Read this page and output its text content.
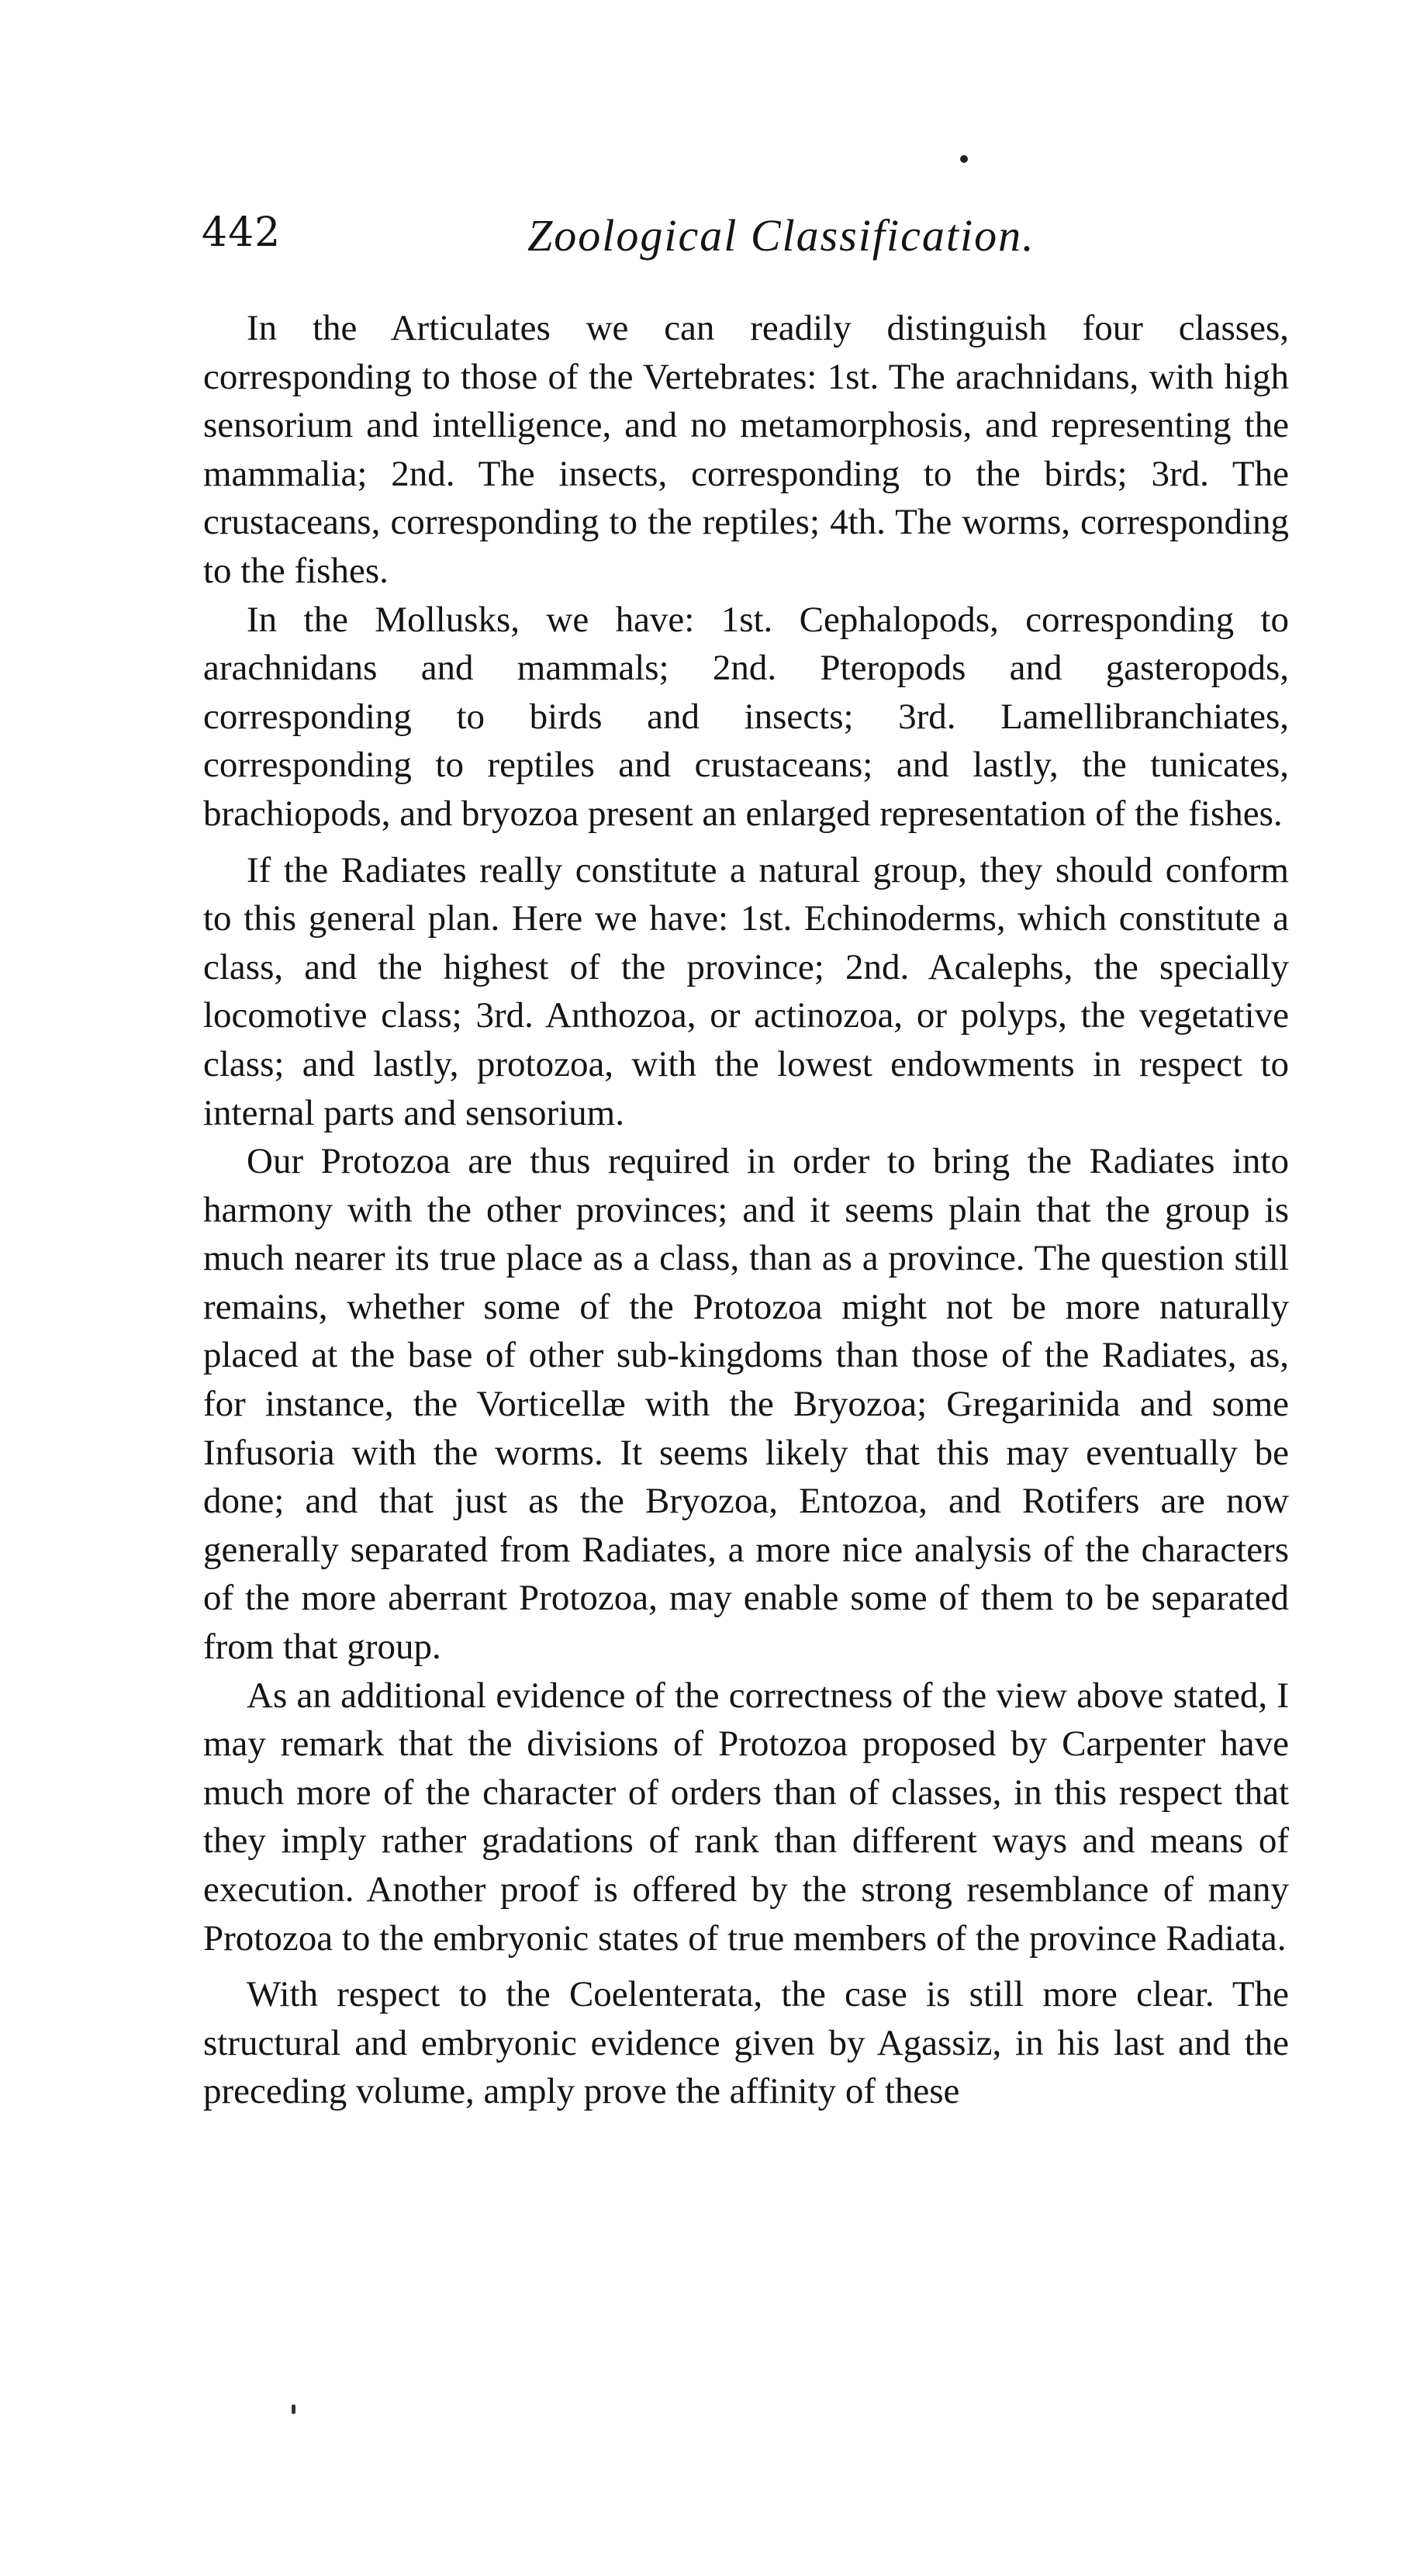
442	Zoological Classification.

In the Articulates we can readily distinguish four classes, corresponding to those of the Vertebrates: 1st. The arachnidans, with high sensorium and intelligence, and no metamorphosis, and representing the mammalia; 2nd. The insects, corresponding to the birds; 3rd. The crustaceans, corresponding to the reptiles; 4th. The worms, corresponding to the fishes.

In the Mollusks, we have: 1st. Cephalopods, corresponding to arachnidans and mammals; 2nd. Pteropods and gasteropods, corresponding to birds and insects; 3rd. Lamellibranchiates, corresponding to reptiles and crustaceans; and lastly, the tunicates, brachiopods, and bryozoa present an enlarged representation of the fishes.

If the Radiates really constitute a natural group, they should conform to this general plan. Here we have: 1st. Echinoderms, which constitute a class, and the highest of the province; 2nd. Acalephs, the specially locomotive class; 3rd. Anthozoa, or actinozoa, or polyps, the vegetative class; and lastly, protozoa, with the lowest endowments in respect to internal parts and sensorium.

Our Protozoa are thus required in order to bring the Radiates into harmony with the other provinces; and it seems plain that the group is much nearer its true place as a class, than as a province. The question still remains, whether some of the Protozoa might not be more naturally placed at the base of other sub-kingdoms than those of the Radiates, as, for instance, the Vorticellæ with the Bryozoa; Gregarinida and some Infusoria with the worms. It seems likely that this may eventually be done; and that just as the Bryozoa, Entozoa, and Rotifers are now generally separated from Radiates, a more nice analysis of the characters of the more aberrant Protozoa, may enable some of them to be separated from that group.

As an additional evidence of the correctness of the view above stated, I may remark that the divisions of Protozoa proposed by Carpenter have much more of the character of orders than of classes, in this respect that they imply rather gradations of rank than different ways and means of execution. Another proof is offered by the strong resemblance of many Protozoa to the embryonic states of true members of the province Radiata.

With respect to the Coelenterata, the case is still more clear. The structural and embryonic evidence given by Agassiz, in his last and the preceding volume, amply prove the affinity of these
